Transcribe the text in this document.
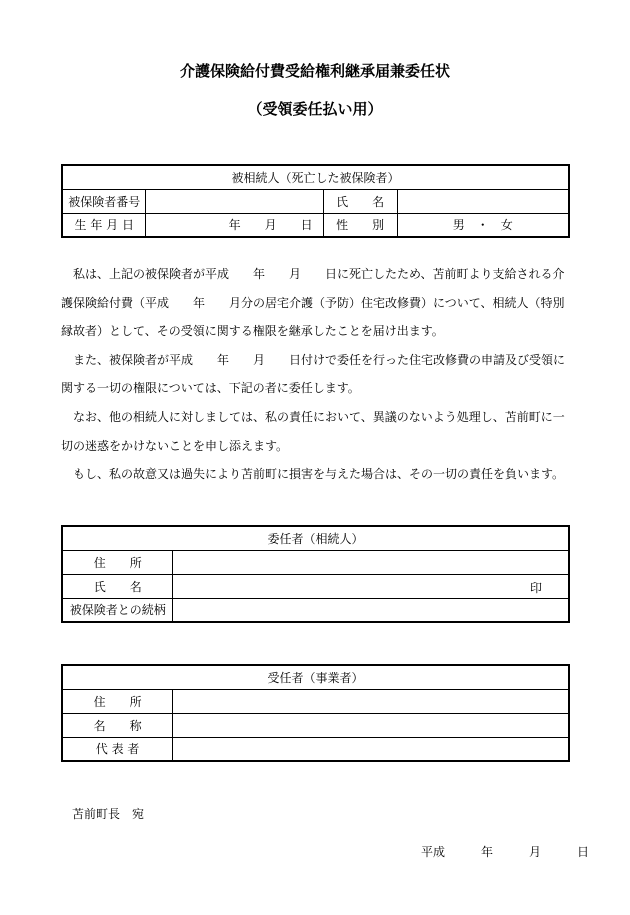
介護保険給付費受給権利継承届兼委任状
（受領委任払い用）
被相続人（死亡した被保険者）			
被保険者番号		氏　　名	
生 年 月 日	年　　月　　日	性　　別	男　・　女

私は、上記の被保険者が平成　　年　　月　　日に死亡したため、苫前町より支給される介護保険給付費（平成　　年　　月分の居宅介護（予防）住宅改修費）について、相続人（特別縁故者）として、その受領に関する権限を継承したことを届け出ます。

また、被保険者が平成　　年　　月　　日付けで委任を行った住宅改修費の申請及び受領に関する一切の権限については、下記の者に委任します。

なお、他の相続人に対しましては、私の責任において、異議のないよう処理し、苫前町に一切の迷惑をかけないことを申し添えます。

もし、私の故意又は過失により苫前町に損害を与えた場合は、その一切の責任を負います。

委任者（相続人）	
住　　所	
氏　　名	印

被保険者との続柄	
受任者（事業者）	
住　　所	
名　　称	
代 表 者	
苫前町長　宛
平成　　　年　　　月　　　日
